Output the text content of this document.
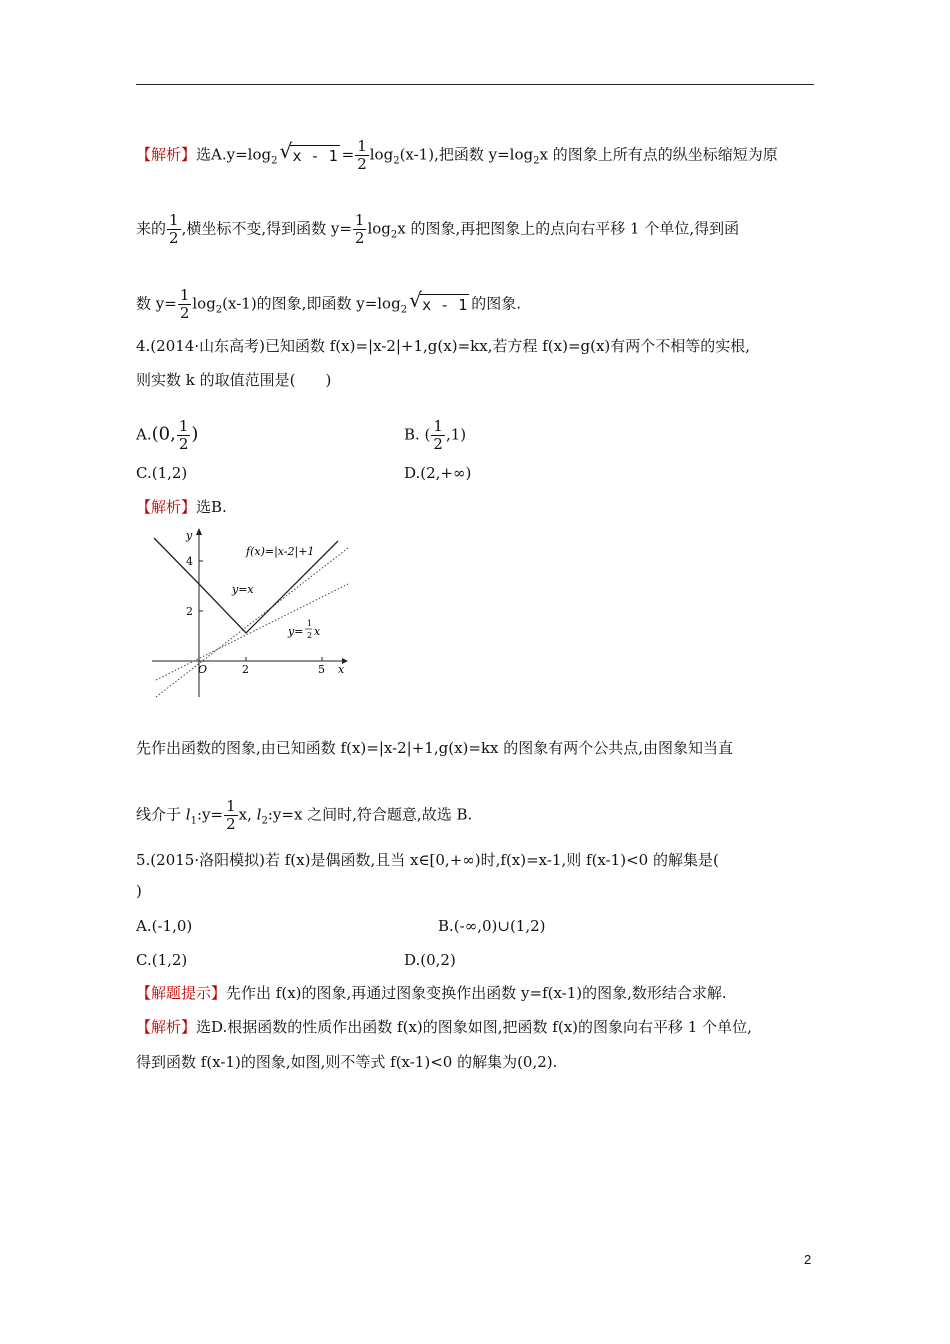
【解析】选$A.y=\log_2$ √ $x - 1 = \frac{1}{2} \log_2(x-1)$,把函数 $y=\log_2x$ 的图象上所有点的纵坐标缩短为原
来的 $\frac{1}{2}$ ,横坐标不变,得到函数 $y= \frac{1}{2} \log_2x$ 的图象,再把图象上的点向右平移 1 个单位,得到函
数 $y= \frac{1}{2} \log_2(x-1)$的图象,即函数 $y=\log_2$ √ x - 1 的图象.
4.(2014·山东高考)已知函数 f(x)=|x-2|+1,g(x)=kx,若方程 f(x)=g(x)有两个不相等的实根,
则实数 k 的取值范围是(　　)
A.(0, $\frac{1}{2}$ )	B. ( $\frac{1}{2} ,1$)
C.(1,2)	D.(2,+∞)
【解析】选B.
y
x
4
2
2	5
O
f(x)=|x-2|+1
y=x
y=
1
2 x
先作出函数的图象,由已知函数 f(x)=|x-2|+1,g(x)=kx 的图象有两个公共点,由图象知当直
线介于 $l_1:y= \frac{1}{2} x$, $l_2:y=x$ 之间时,符合题意,故选 B.
5.(2015·洛阳模拟)若 f(x)是偶函数,且当 x∈[0,+∞)时,f(x)=x-1,则 f(x-1)<0 的解集是(
)
A.(-1,0)	B.(-∞,0)∪(1,2)
C.(1,2)	D.(0,2)
【解题提示】先作出 f(x)的图象,再通过图象变换作出函数 y=f(x-1)的图象,数形结合求解.
【解析】选D.根据函数的性质作出函数 f(x)的图象如图,把函数 f(x)的图象向右平移 1 个单位,
得到函数 f(x-1)的图象,如图,则不等式 f(x-1)<0 的解集为(0,2).
2
